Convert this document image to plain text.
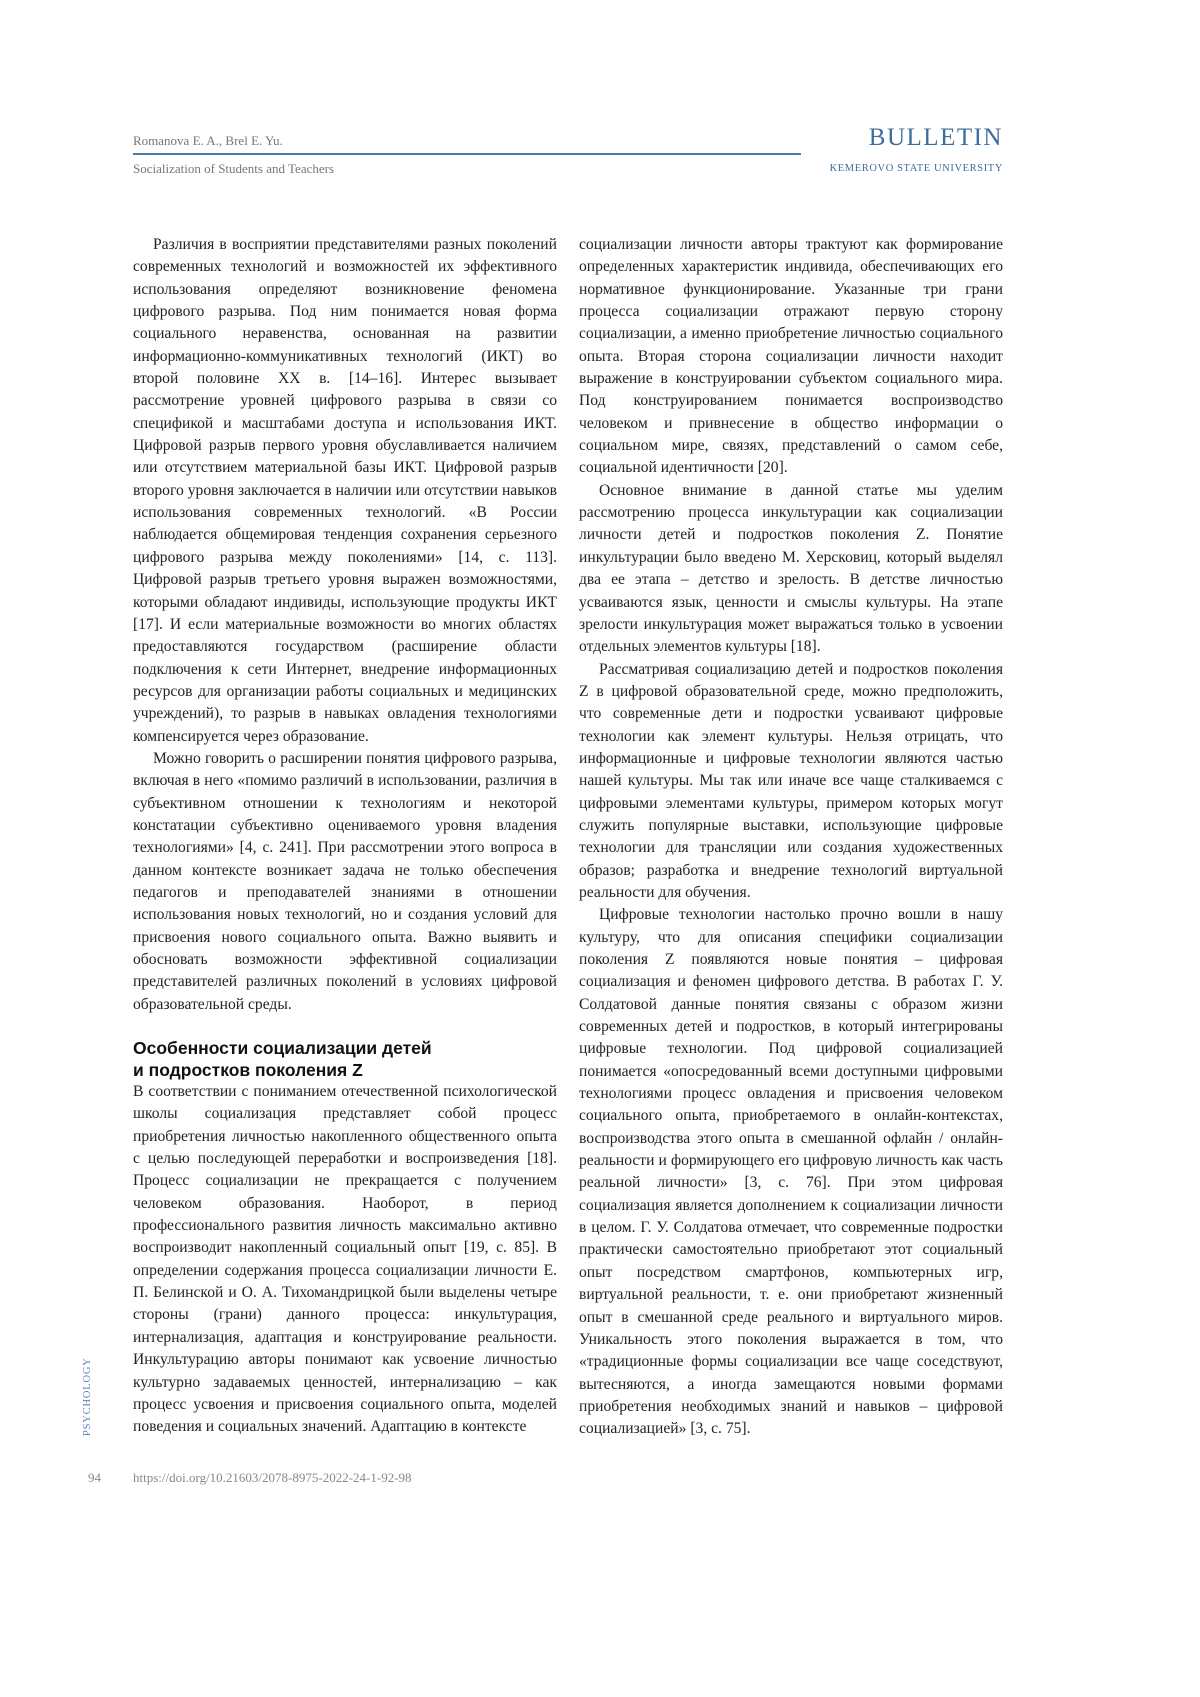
Romanova E. A., Brel E. Yu.
Socialization of Students and Teachers
BULLETIN
KEMEROVO STATE UNIVERSITY

Различия в восприятии представителями разных поколений современных технологий и возможностей их эффективного использования определяют возникновение феномена цифрового разрыва. Под ним понимается новая форма социального неравенства, основанная на развитии информационно-коммуникативных технологий (ИКТ) во второй половине XX в. [14–16]. Интерес вызывает рассмотрение уровней цифрового разрыва в связи со спецификой и масштабами доступа и использования ИКТ. Цифровой разрыв первого уровня обуславливается наличием или отсутствием материальной базы ИКТ. Цифровой разрыв второго уровня заключается в наличии или отсутствии навыков использования современных технологий. «В России наблюдается общемировая тенденция сохранения серьезного цифрового разрыва между поколениями» [14, с. 113]. Цифровой разрыв третьего уровня выражен возможностями, которыми обладают индивиды, использующие продукты ИКТ [17]. И если материальные возможности во многих областях предоставляются государством (расширение области подключения к сети Интернет, внедрение информационных ресурсов для организации работы социальных и медицинских учреждений), то разрыв в навыках овладения технологиями компенсируется через образование.

Можно говорить о расширении понятия цифрового разрыва, включая в него «помимо различий в использовании, различия в субъективном отношении к технологиям и некоторой констатации субъективно оцениваемого уровня владения технологиями» [4, с. 241]. При рассмотрении этого вопроса в данном контексте возникает задача не только обеспечения педагогов и преподавателей знаниями в отношении использования новых технологий, но и создания условий для присвоения нового социального опыта. Важно выявить и обосновать возможности эффективной социализации представителей различных поколений в условиях цифровой образовательной среды.

Особенности социализации детей
и подростков поколения Z

В соответствии с пониманием отечественной психологической школы социализация представляет собой процесс приобретения личностью накопленного общественного опыта с целью последующей переработки и воспроизведения [18]. Процесс социализации не прекращается с получением человеком образования. Наоборот, в период профессионального развития личность максимально активно воспроизводит накопленный социальный опыт [19, с. 85]. В определении содержания процесса социализации личности Е. П. Белинской и О. А. Тихомандрицкой были выделены четыре стороны (грани) данного процесса: инкультурация, интернализация, адаптация и конструирование реальности. Инкультурацию авторы понимают как усвоение личностью культурно задаваемых ценностей, интернализацию – как процесс усвоения и присвоения социального опыта, моделей поведения и социальных значений. Адаптацию в контексте

социализации личности авторы трактуют как формирование определенных характеристик индивида, обеспечивающих его нормативное функционирование. Указанные три грани процесса социализации отражают первую сторону социализации, а именно приобретение личностью социального опыта. Вторая сторона социализации личности находит выражение в конструировании субъектом социального мира. Под конструированием понимается воспроизводство человеком и привнесение в общество информации о социальном мире, связях, представлений о самом себе, социальной идентичности [20].

Основное внимание в данной статье мы уделим рассмотрению процесса инкультурации как социализации личности детей и подростков поколения Z. Понятие инкультурации было введено М. Херсковиц, который выделял два ее этапа – детство и зрелость. В детстве личностью усваиваются язык, ценности и смыслы культуры. На этапе зрелости инкультурация может выражаться только в усвоении отдельных элементов культуры [18].

Рассматривая социализацию детей и подростков поколения Z в цифровой образовательной среде, можно предположить, что современные дети и подростки усваивают цифровые технологии как элемент культуры. Нельзя отрицать, что информационные и цифровые технологии являются частью нашей культуры. Мы так или иначе все чаще сталкиваемся с цифровыми элементами культуры, примером которых могут служить популярные выставки, использующие цифровые технологии для трансляции или создания художественных образов; разработка и внедрение технологий виртуальной реальности для обучения.

Цифровые технологии настолько прочно вошли в нашу культуру, что для описания специфики социализации поколения Z появляются новые понятия – цифровая социализация и феномен цифрового детства. В работах Г. У. Солдатовой данные понятия связаны с образом жизни современных детей и подростков, в который интегрированы цифровые технологии. Под цифровой социализацией понимается «опосредованный всеми доступными цифровыми технологиями процесс овладения и присвоения человеком социального опыта, приобретаемого в онлайн-контекстах, воспроизводства этого опыта в смешанной офлайн / онлайн-реальности и формирующего его цифровую личность как часть реальной личности» [3, с. 76]. При этом цифровая социализация является дополнением к социализации личности в целом. Г. У. Солдатова отмечает, что современные подростки практически самостоятельно приобретают этот социальный опыт посредством смартфонов, компьютерных игр, виртуальной реальности, т. е. они приобретают жизненный опыт в смешанной среде реального и виртуального миров. Уникальность этого поколения выражается в том, что «традиционные формы социализации все чаще соседствуют, вытесняются, а иногда замещаются новыми формами приобретения необходимых знаний и навыков – цифровой социализацией» [3, с. 75].

PSYCHOLOGY
94 https://doi.org/10.21603/2078-8975-2022-24-1-92-98
